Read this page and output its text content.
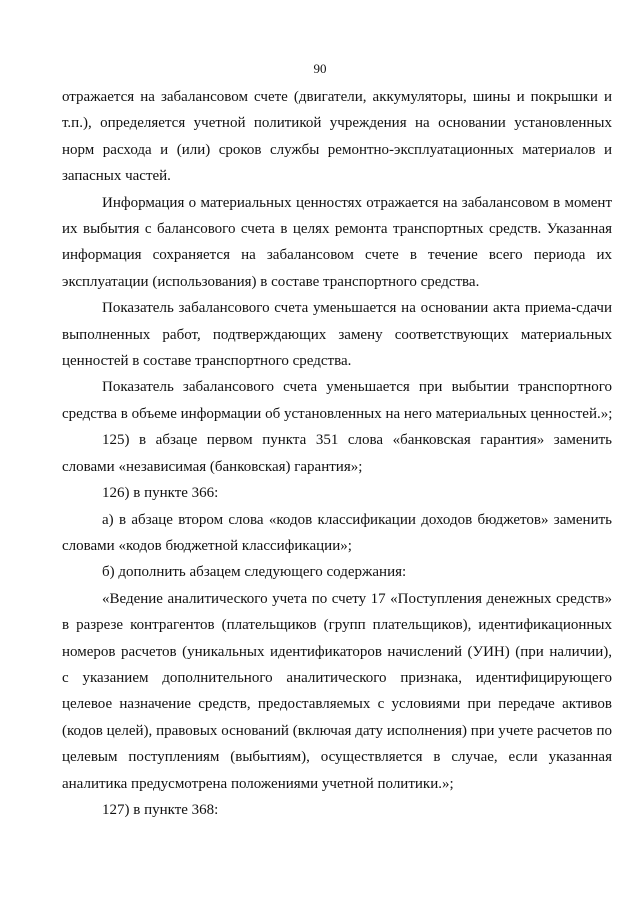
90
отражается на забалансовом счете (двигатели, аккумуляторы, шины и покрышки и
т.п.), определяется учетной политикой учреждения на основании установленных
норм расхода и (или) сроков службы ремонтно-эксплуатационных материалов и
запасных частей.
Информация о материальных ценностях отражается на забалансовом в момент
их выбытия с балансового счета в целях ремонта транспортных средств. Указанная
информация сохраняется на забалансовом счете в течение всего периода их
эксплуатации (использования) в составе транспортного средства.
Показатель забалансового счета уменьшается на основании акта приема-сдачи
выполненных работ, подтверждающих замену соответствующих материальных
ценностей в составе транспортного средства.
Показатель забалансового счета уменьшается при выбытии транспортного
средства в объеме информации об установленных на него материальных ценностей.»;
125) в абзаце первом пункта 351 слова «банковская гарантия» заменить
словами «независимая (банковская) гарантия»;
126) в пункте 366:
а) в абзаце втором слова «кодов классификации доходов бюджетов» заменить
словами «кодов бюджетной классификации»;
б) дополнить абзацем следующего содержания:
«Ведение аналитического учета по счету 17 «Поступления денежных средств»
в разрезе контрагентов (плательщиков (групп плательщиков), идентификационных
номеров расчетов (уникальных идентификаторов начислений (УИН) (при наличии),
с указанием дополнительного аналитического признака, идентифицирующего
целевое назначение средств, предоставляемых с условиями при передаче активов
(кодов целей), правовых оснований (включая дату исполнения) при учете расчетов по
целевым поступлениям (выбытиям), осуществляется в случае, если указанная
аналитика предусмотрена положениями учетной политики.»;
127) в пункте 368:
